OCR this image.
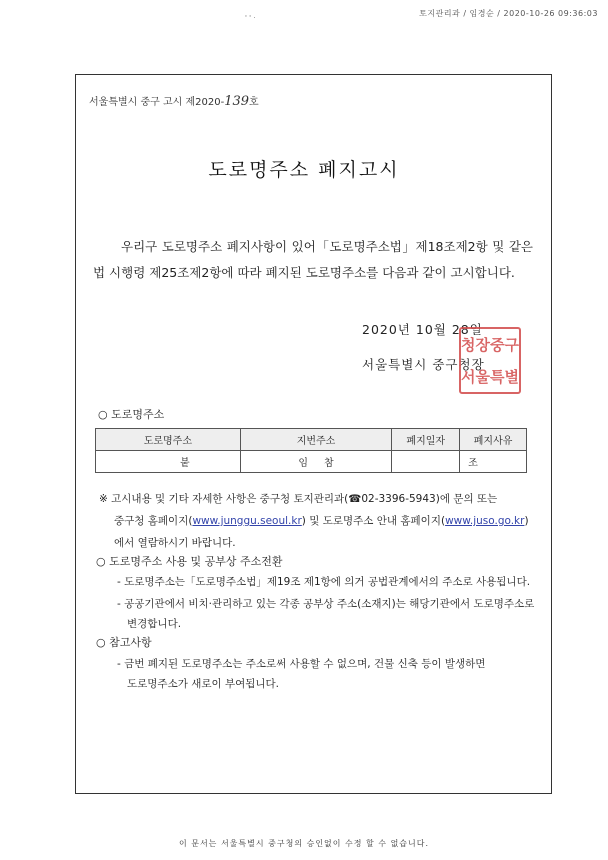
토지관리과 / 임경순 / 2020-10-26 09:36:03
' ' ·
서울특별시 중구 고시 제2020-139호
도로명주소 폐지고시

우리구 도로명주소 폐지사항이 있어「도로명주소법」제18조제2항 및 같은 법 시행령 제25조제2항에 따라 폐지된 도로명주소를 다음과 같이 고시합니다.

2020년 10월 28일
서울특별시 중구청장
청장 중구
서울 특별
○ 도로명주소
도로명주소	지번주소	폐지일자	폐지사유
붙	임     참		조
※ 고시내용 및 기타 자세한 사항은 중구청 토지관리과(☎02-3396-5943)에 문의 또는
중구청 홈페이지(www.junggu.seoul.kr) 및 도로명주소 안내 홈페이지(www.juso.go.kr)
에서 열람하시기 바랍니다.
○ 도로명주소 사용 및 공부상 주소전환
- 도로명주소는「도로명주소법」제19조 제1항에 의거 공법관계에서의 주소로 사용됩니다.
- 공공기관에서 비치·관리하고 있는 각종 공부상 주소(소재지)는 해당기관에서 도로명주소로
변경합니다.
○ 참고사항
- 금번 폐지된 도로명주소는 주소로써 사용할 수 없으며, 건물 신축 등이 발생하면
도로명주소가 새로이 부여됩니다.
이 문서는 서울특별시 중구청의 승인없이 수정 할 수 없습니다.
